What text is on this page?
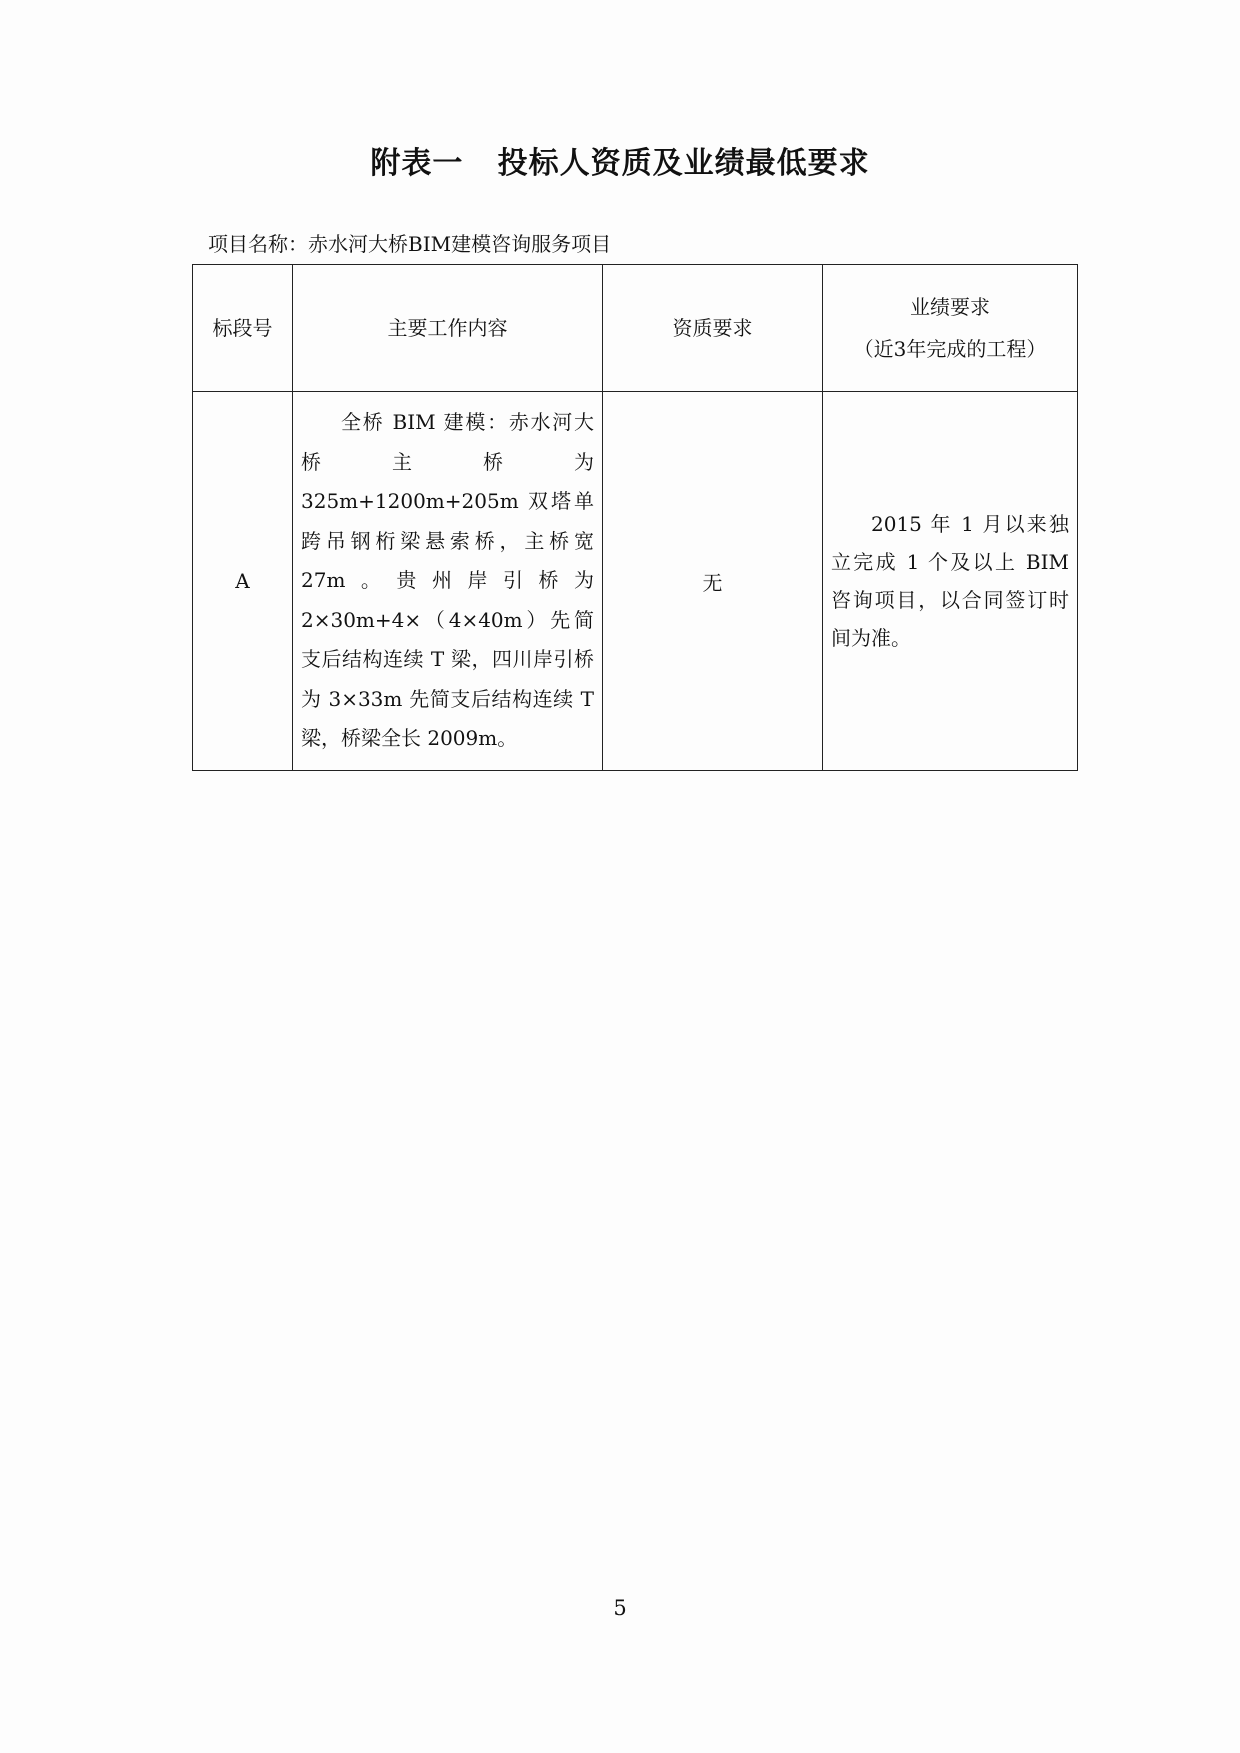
附表一   投标人资质及业绩最低要求
项目名称：赤水河大桥BIM建模咨询服务项目
标段号	主要工作内容	资质要求	业绩要求
（近3年完成的工程）

A	全桥 BIM 建模：赤水河大桥主桥为 325m+1200m+205m 双塔单跨吊钢桁梁悬索桥，主桥宽 27m。贵州岸引桥为 2×30m+4×（4×40m）先简支后结构连续 T 梁，四川岸引桥为 3×33m 先简支后结构连续 T 梁，桥梁全长 2009m。	无	2015 年 1 月以来独立完成 1 个及以上 BIM 咨询项目，以合同签订时间为准。
5
